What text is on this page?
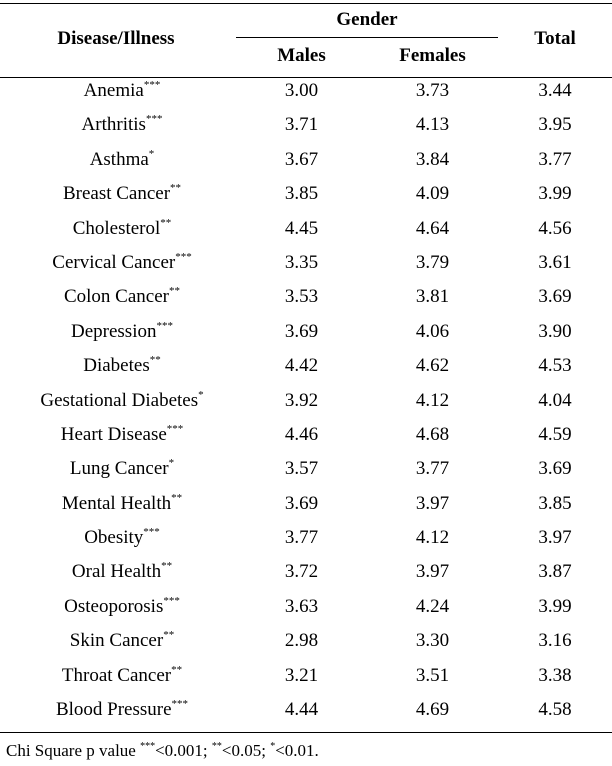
Disease/Illness
Gender
Males	Females
Total
Anemia***	3.00	3.73	3.44
Arthritis***	3.71	4.13	3.95
Asthma*	3.67	3.84	3.77
Breast Cancer**	3.85	4.09	3.99
Cholesterol**	4.45	4.64	4.56
Cervical Cancer***	3.35	3.79	3.61
Colon Cancer**	3.53	3.81	3.69
Depression***	3.69	4.06	3.90
Diabetes**	4.42	4.62	4.53
Gestational Diabetes*	3.92	4.12	4.04
Heart Disease***	4.46	4.68	4.59
Lung Cancer*	3.57	3.77	3.69
Mental Health**	3.69	3.97	3.85
Obesity***	3.77	4.12	3.97
Oral Health**	3.72	3.97	3.87
Osteoporosis***	3.63	4.24	3.99
Skin Cancer**	2.98	3.30	3.16
Throat Cancer**	3.21	3.51	3.38
Blood Pressure***	4.44	4.69	4.58
Chi Square p value ***<0.001; **<0.05; *<0.01.
